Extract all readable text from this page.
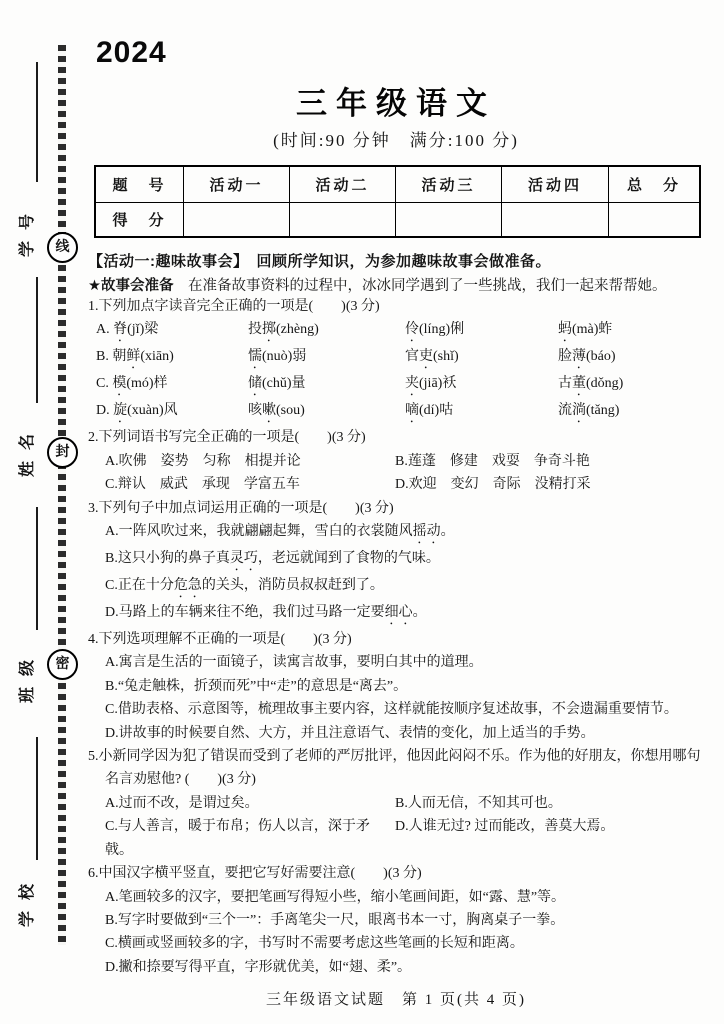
学号
姓名
班级
学校
线
封
密
2024
三年级语文
(时间:90 分钟　满分:100 分)
题　号	活动一	活动二	活动三	活动四	总　分
得　分					
【活动一:趣味故事会】　回顾所学知识，为参加趣味故事会做准备。
★故事会准备　在准备故事资料的过程中，冰冰同学遇到了一些挑战，我们一起来帮帮她。
1.下列加点字读音完全正确的一项是(　　)(3 分)
A. 脊(jǐ)梁	投掷(zhèng)	伶(líng)俐	蚂(mà)蚱
B. 朝鲜(xiān)	懦(nuò)弱	官吏(shǐ)	脸薄(báo)
C. 模(mó)样	储(chǔ)量	夹(jiā)袄	古董(dǒng)
D. 旋(xuàn)风	咳嗽(sou)	嘀(dí)咕	流淌(tǎng)
2.下列词语书写完全正确的一项是(　　)(3 分)
A.吹佛　姿势　匀称　相提并论	B.莲蓬　修建　戏耍　争奇斗艳
C.辩认　威武　承现　学富五车	D.欢迎　变幻　奇际　没精打采
3.下列句子中加点词运用正确的一项是(　　)(3 分)
A.一阵风吹过来，我就翩翩起舞，雪白的衣裳随风摇动。
B.这只小狗的鼻子真灵巧，老远就闻到了食物的气味。
C.正在十分危急的关头，消防员叔叔赶到了。
D.马路上的车辆来往不绝，我们过马路一定要细心。
4.下列选项理解不正确的一项是(　　)(3 分)
A.寓言是生活的一面镜子，读寓言故事，要明白其中的道理。
B.“兔走触株，折颈而死”中“走”的意思是“离去”。
C.借助表格、示意图等，梳理故事主要内容，这样就能按顺序复述故事，不会遗漏重要情节。
D.讲故事的时候要自然、大方，并且注意语气、表情的变化，加上适当的手势。
5.小新同学因为犯了错误而受到了老师的严厉批评，他因此闷闷不乐。作为他的好朋友，你想用哪句名言劝慰他? (　　)(3 分)
A.过而不改，是谓过矣。	B.人而无信，不知其可也。
C.与人善言，暖于布帛；伤人以言，深于矛戟。
D.人谁无过? 过而能改，善莫大焉。
6.中国汉字横平竖直，要把它写好需要注意(　　)(3 分)
A.笔画较多的汉字，要把笔画写得短小些，缩小笔画间距，如“露、慧”等。
B.写字时要做到“三个一”：手离笔尖一尺，眼离书本一寸，胸离桌子一拳。
C.横画或竖画较多的字，书写时不需要考虑这些笔画的长短和距离。
D.撇和捺要写得平直，字形就优美，如“翅、柔”。
三年级语文试题　第 1 页(共 4 页)
